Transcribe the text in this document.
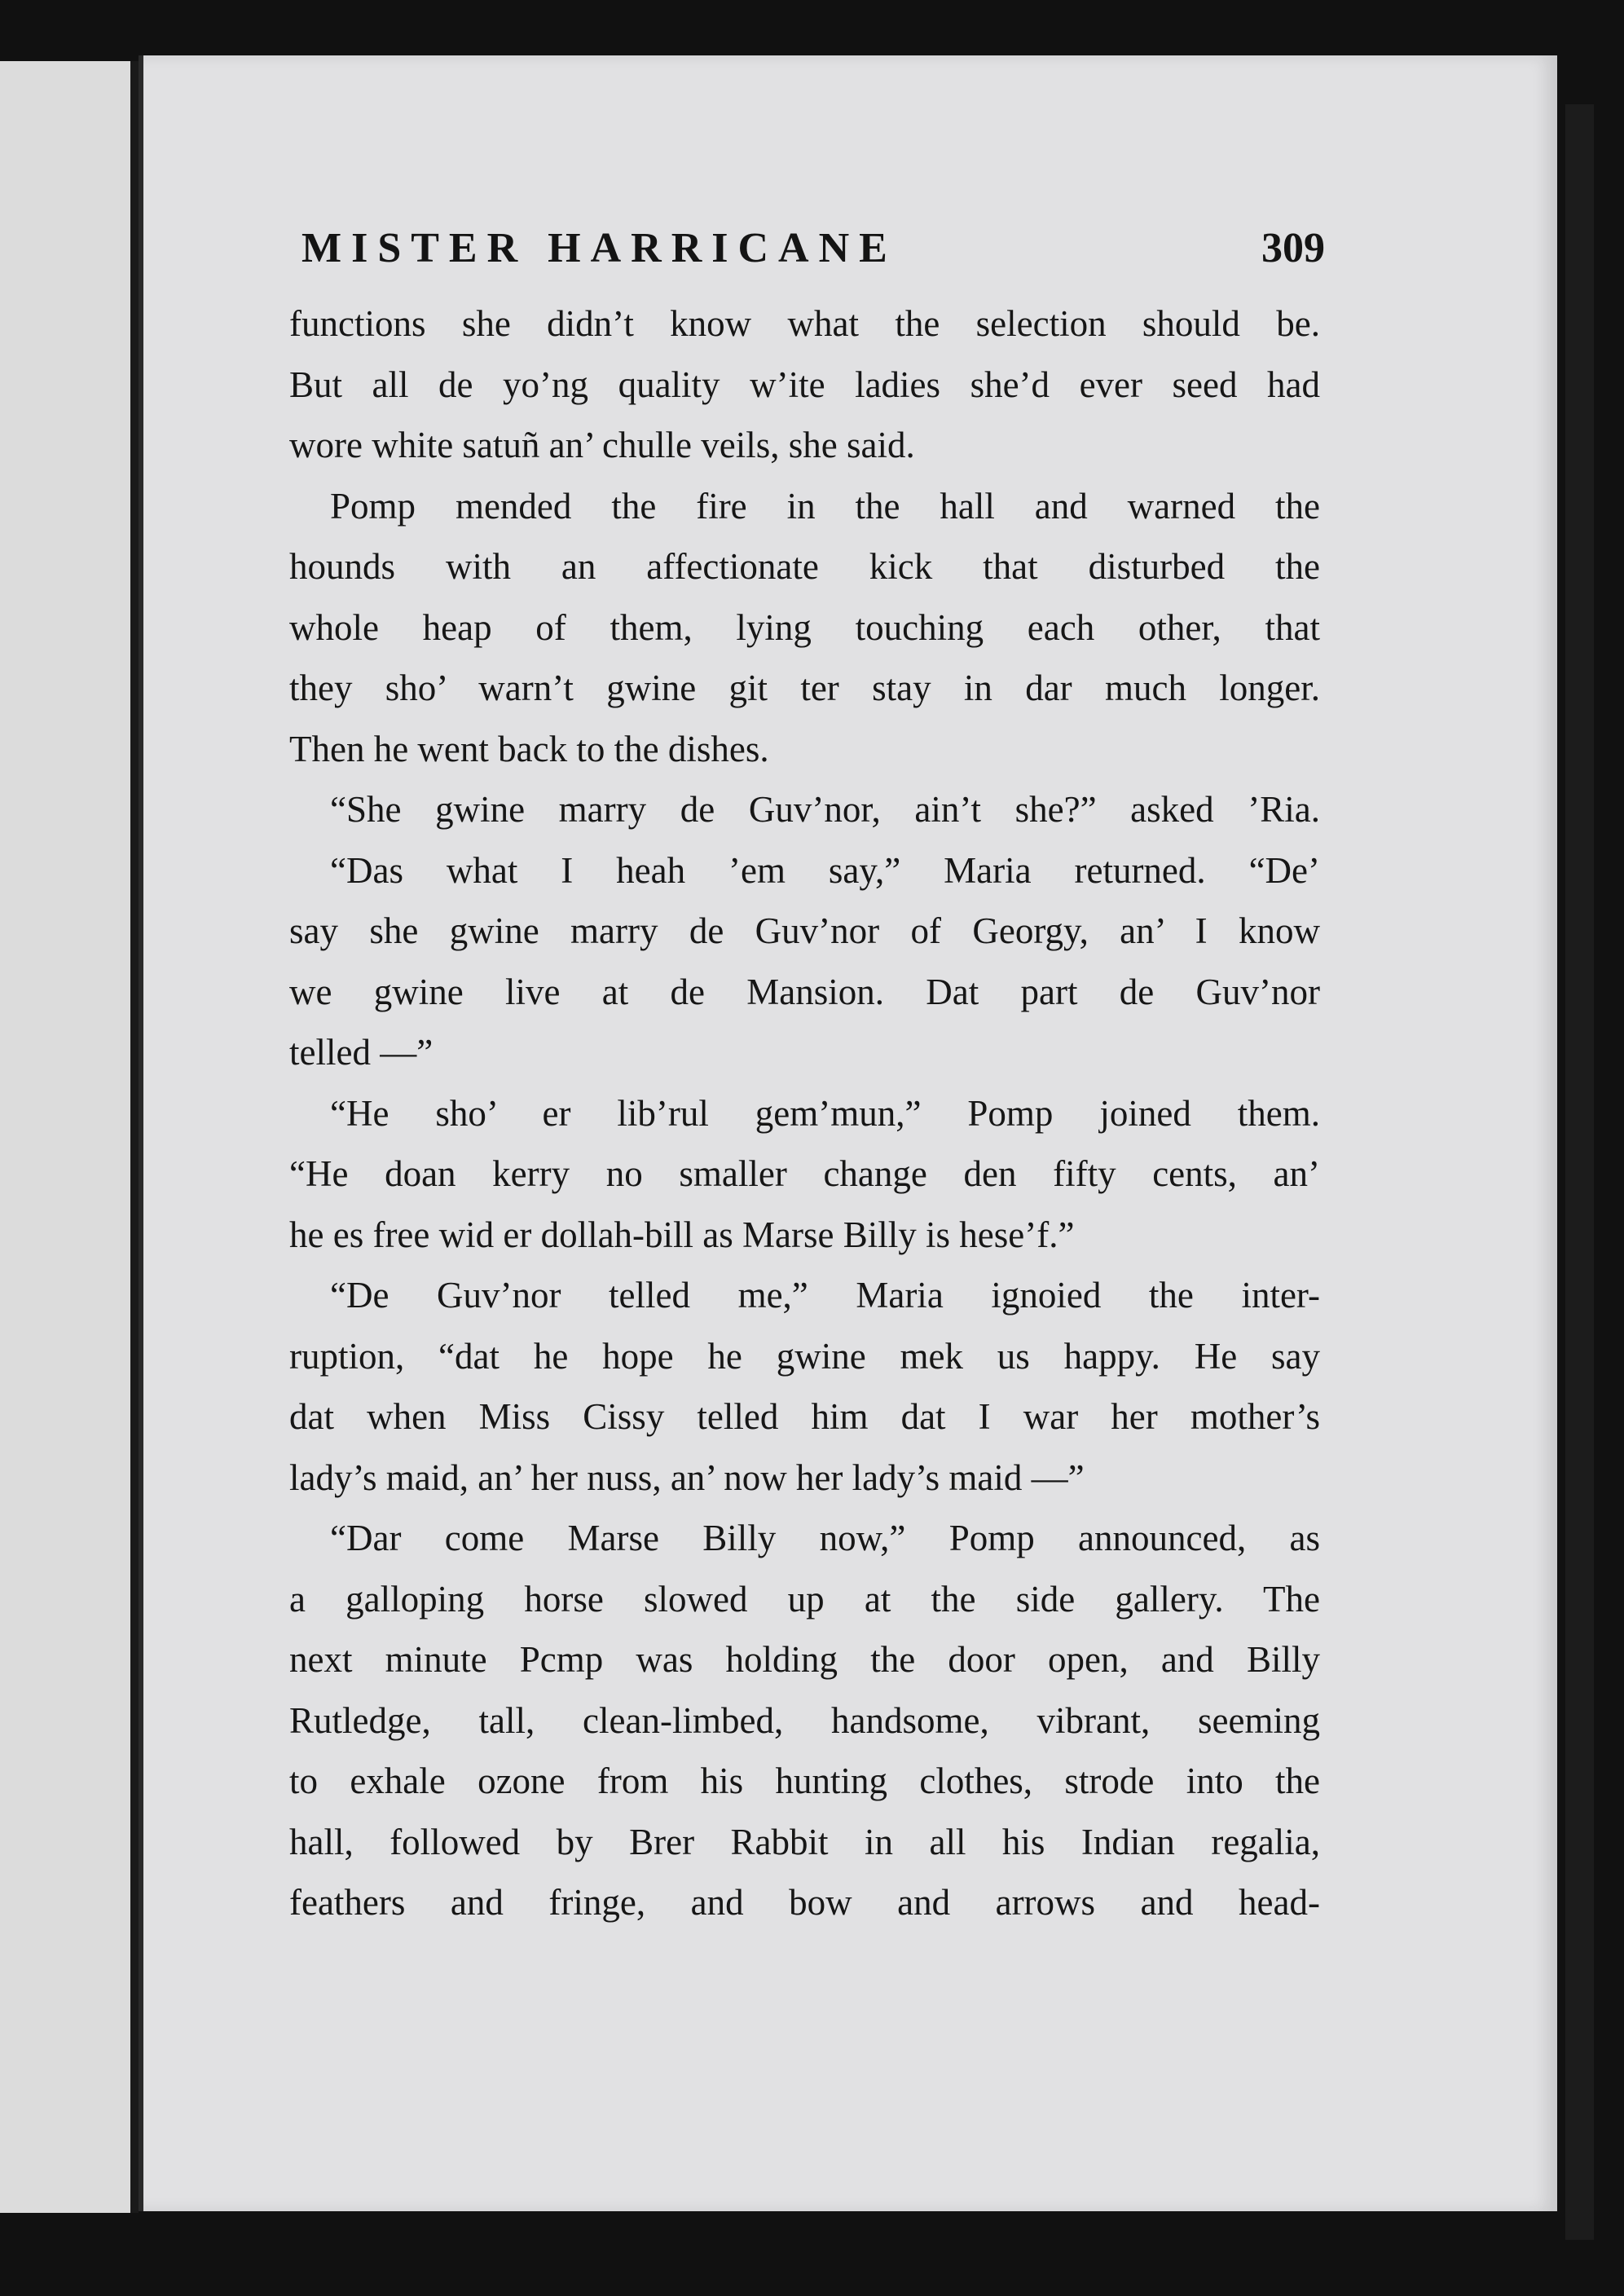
MISTER HARRICANE	309
functions she didn’t know what the selection should be.
But all de yo’ng quality w’ite ladies she’d ever seed had
wore white satuñ an’ chulle veils, she said.
Pomp mended the fire in the hall and warned the
hounds with an affectionate kick that disturbed the
whole heap of them, lying touching each other, that
they sho’ warn’t gwine git ter stay in dar much longer.
Then he went back to the dishes.
“She gwine marry de Guv’nor, ain’t she?” asked ’Ria.
“Das what I heah ’em say,” Maria returned. “De’
say she gwine marry de Guv’nor of Georgy, an’ I know
we gwine live at de Mansion. Dat part de Guv’nor
telled —”
“He sho’ er lib’rul gem’mun,” Pomp joined them.
“He doan kerry no smaller change den fifty cents, an’
he es free wid er dollah-bill as Marse Billy is hese’f.”
“De Guv’nor telled me,” Maria ignoied the inter-
ruption, “dat he hope he gwine mek us happy. He say
dat when Miss Cissy telled him dat I war her mother’s
lady’s maid, an’ her nuss, an’ now her lady’s maid —”
“Dar come Marse Billy now,” Pomp announced, as
a galloping horse slowed up at the side gallery. The
next minute Pcmp was holding the door open, and Billy
Rutledge, tall, clean-limbed, handsome, vibrant, seeming
to exhale ozone from his hunting clothes, strode into the
hall, followed by Brer Rabbit in all his Indian regalia,
feathers and fringe, and bow and arrows and head-
